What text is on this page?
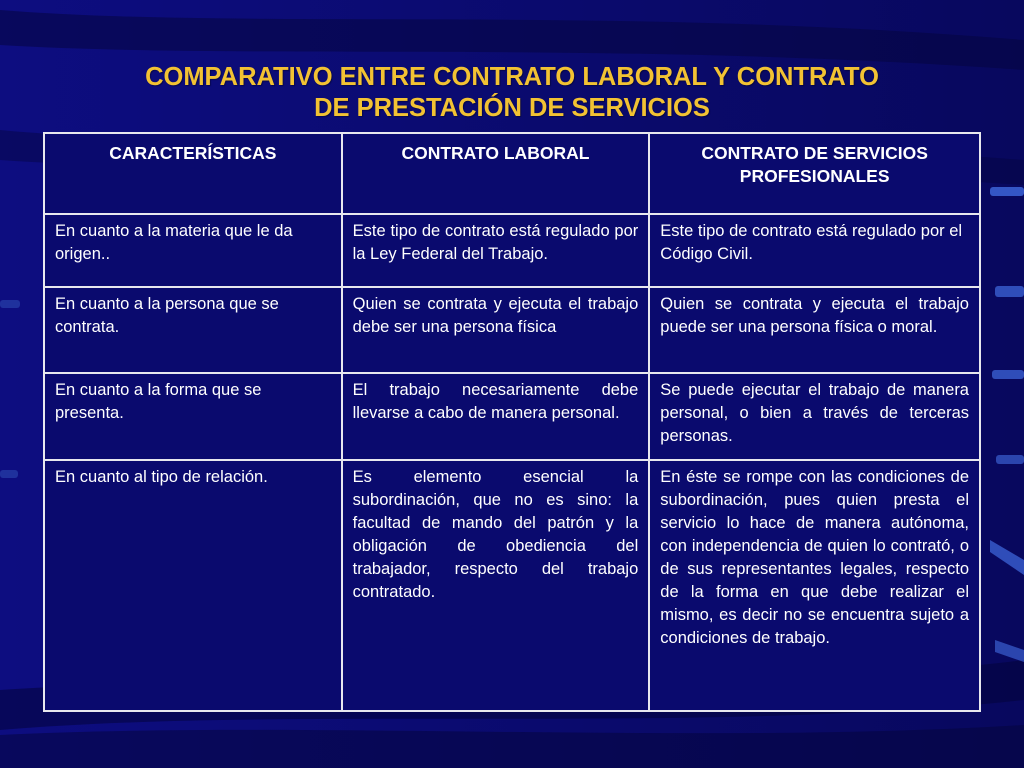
COMPARATIVO ENTRE CONTRATO LABORAL Y CONTRATO
DE PRESTACIÓN DE SERVICIOS
CARACTERÍSTICAS	CONTRATO LABORAL	CONTRATO DE SERVICIOS PROFESIONALES
En cuanto a la materia que le da origen..	Este tipo de contrato está regulado por la Ley Federal del Trabajo.	Este tipo de contrato está regulado por el Código Civil.
En cuanto a la persona que se contrata.	Quien se contrata y ejecuta el trabajo debe ser una persona física	Quien se contrata y ejecuta el trabajo puede ser una persona física o moral.
En cuanto a la forma que se presenta.	El trabajo necesariamente debe llevarse a cabo de manera personal.	Se puede ejecutar el trabajo de manera personal, o bien a través de terceras personas.
En cuanto al tipo de relación.	Es elemento esencial la subordinación, que no es sino: la facultad de mando del patrón y la obligación de obediencia del trabajador, respecto del trabajo contratado.	En éste se rompe con las condiciones de subordinación, pues quien presta el servicio lo hace de manera autónoma, con independencia de quien lo contrató, o de sus representantes legales, respecto de la forma en que debe realizar el mismo, es decir no se encuentra sujeto a condiciones de trabajo.
